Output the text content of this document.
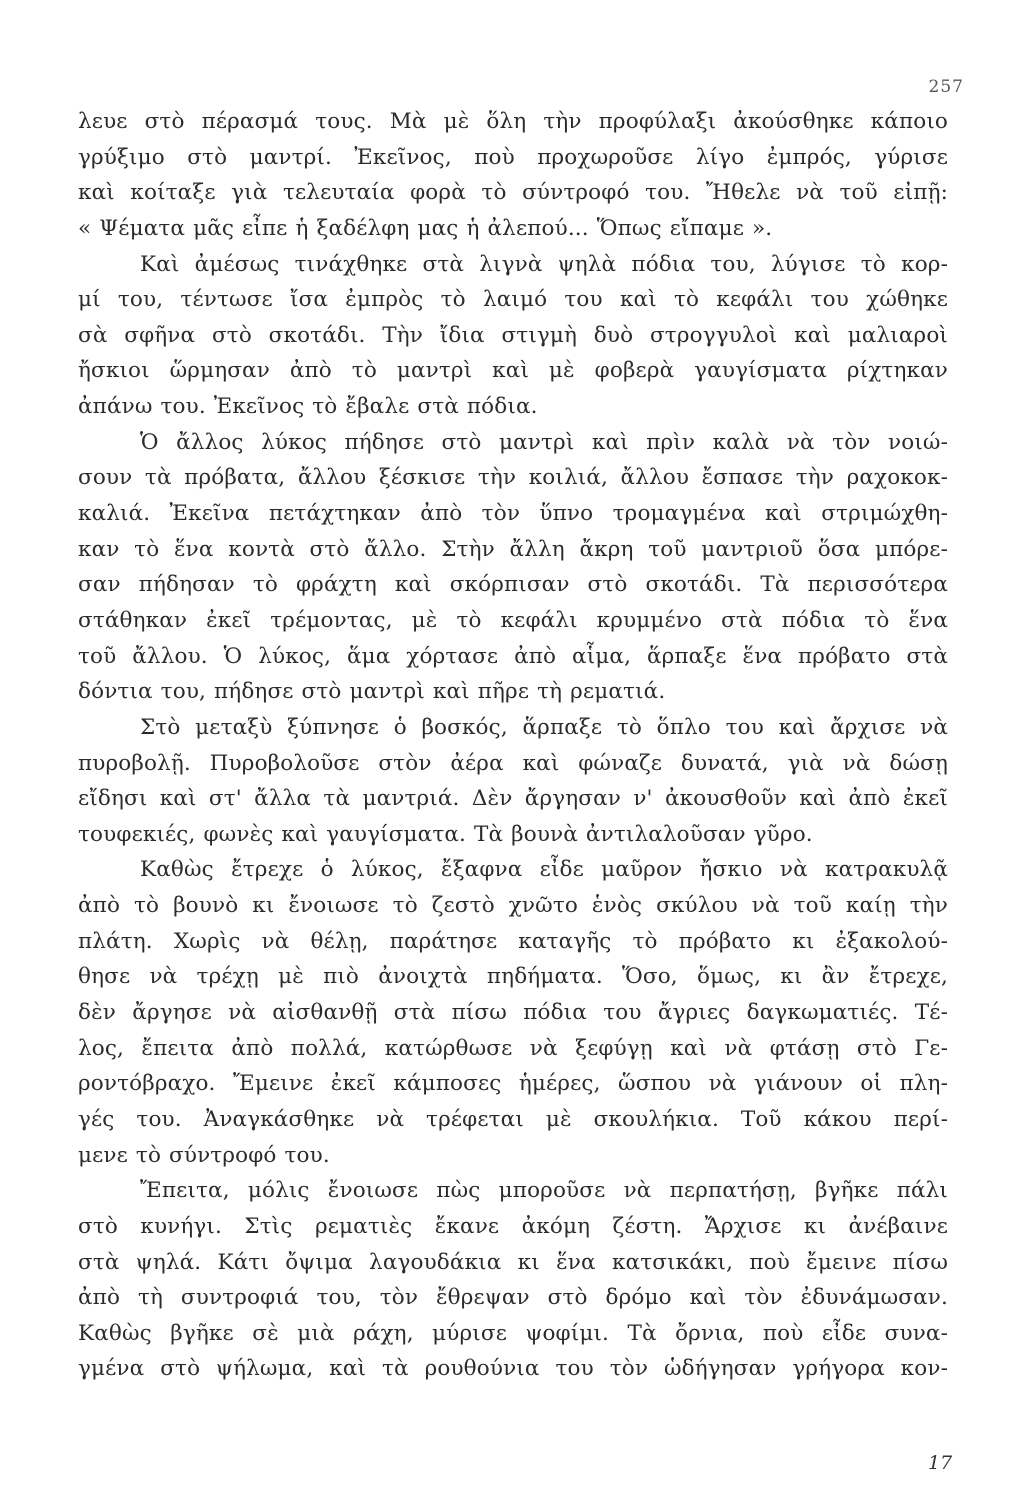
257
λευε στὸ πέρασμά τους. Μὰ μὲ ὅλη τὴν προφύλαξι ἀκούσθηκε κάποιο
γρύξιμο στὸ μαντρί. Ἐκεῖνος, ποὺ προχωροῦσε λίγο ἐμπρός, γύρισε
καὶ κοίταξε γιὰ τελευταία φορὰ τὸ σύντροφό του. Ἤθελε νὰ τοῦ εἰπῇ:
« Ψέματα μᾶς εἶπε ἡ ξαδέλφη μας ἡ ἀλεπού... Ὅπως εἴπαμε ».
Καὶ ἀμέσως τινάχθηκε στὰ λιγνὰ ψηλὰ πόδια του, λύγισε τὸ κορ-
μί του, τέντωσε ἴσα ἐμπρὸς τὸ λαιμό του καὶ τὸ κεφάλι του χώθηκε
σὰ σφῆνα στὸ σκοτάδι. Τὴν ἴδια στιγμὴ δυὸ στρογγυλοὶ καὶ μαλιαροὶ
ἤσκιοι ὥρμησαν ἀπὸ τὸ μαντρὶ καὶ μὲ φοβερὰ γαυγίσματα ρίχτηκαν
ἀπάνω του. Ἐκεῖνος τὸ ἔβαλε στὰ πόδια.
Ὁ ἄλλος λύκος πήδησε στὸ μαντρὶ καὶ πρὶν καλὰ νὰ τὸν νοιώ-
σουν τὰ πρόβατα, ἄλλου ξέσκισε τὴν κοιλιά, ἄλλου ἔσπασε τὴν ραχοκοκ-
καλιά. Ἐκεῖνα πετάχτηκαν ἀπὸ τὸν ὕπνο τρομαγμένα καὶ στριμώχθη-
καν τὸ ἕνα κοντὰ στὸ ἄλλο. Στὴν ἄλλη ἄκρη τοῦ μαντριοῦ ὅσα μπόρε-
σαν πήδησαν τὸ φράχτη καὶ σκόρπισαν στὸ σκοτάδι. Τὰ περισσότερα
στάθηκαν ἐκεῖ τρέμοντας, μὲ τὸ κεφάλι κρυμμένο στὰ πόδια τὸ ἕνα
τοῦ ἄλλου. Ὁ λύκος, ἅμα χόρτασε ἀπὸ αἷμα, ἅρπαξε ἕνα πρόβατο στὰ
δόντια του, πήδησε στὸ μαντρὶ καὶ πῆρε τὴ ρεματιά.
Στὸ μεταξὺ ξύπνησε ὁ βοσκός, ἅρπαξε τὸ ὅπλο του καὶ ἄρχισε νὰ
πυροβολῇ. Πυροβολοῦσε στὸν ἀέρα καὶ φώναζε δυνατά, γιὰ νὰ δώσῃ
εἴδησι καὶ στ' ἄλλα τὰ μαντριά. Δὲν ἄργησαν ν' ἀκουσθοῦν καὶ ἀπὸ ἐκεῖ
τουφεκιές, φωνὲς καὶ γαυγίσματα. Τὰ βουνὰ ἀντιλαλοῦσαν γῦρο.
Καθὼς ἔτρεχε ὁ λύκος, ἔξαφνα εἶδε μαῦρον ἤσκιο νὰ κατρακυλᾷ
ἀπὸ τὸ βουνὸ κι ἔνοιωσε τὸ ζεστὸ χνῶτο ἑνὸς σκύλου νὰ τοῦ καίῃ τὴν
πλάτη. Χωρὶς νὰ θέλῃ, παράτησε καταγῆς τὸ πρόβατο κι ἐξακολού-
θησε νὰ τρέχῃ μὲ πιὸ ἀνοιχτὰ πηδήματα. Ὅσο, ὅμως, κι ἂν ἔτρεχε,
δὲν ἄργησε νὰ αἰσθανθῇ στὰ πίσω πόδια του ἄγριες δαγκωματιές. Τέ-
λος, ἔπειτα ἀπὸ πολλά, κατώρθωσε νὰ ξεφύγῃ καὶ νὰ φτάσῃ στὸ Γε-
ροντόβραχο. Ἔμεινε ἐκεῖ κάμποσες ἡμέρες, ὥσπου νὰ γιάνουν οἱ πλη-
γές του. Ἀναγκάσθηκε νὰ τρέφεται μὲ σκουλήκια. Τοῦ κάκου περί-
μενε τὸ σύντροφό του.
Ἔπειτα, μόλις ἔνοιωσε πὼς μποροῦσε νὰ περπατήσῃ, βγῆκε πάλι
στὸ κυνήγι. Στὶς ρεματιὲς ἔκανε ἀκόμη ζέστη. Ἄρχισε κι ἀνέβαινε
στὰ ψηλά. Κάτι ὄψιμα λαγουδάκια κι ἕνα κατσικάκι, ποὺ ἔμεινε πίσω
ἀπὸ τὴ συντροφιά του, τὸν ἔθρεψαν στὸ δρόμο καὶ τὸν ἐδυνάμωσαν.
Καθὼς βγῆκε σὲ μιὰ ράχη, μύρισε ψοφίμι. Τὰ ὄρνια, ποὺ εἶδε συνα-
γμένα στὸ ψήλωμα, καὶ τὰ ρουθούνια του τὸν ὡδήγησαν γρήγορα κον-
17
